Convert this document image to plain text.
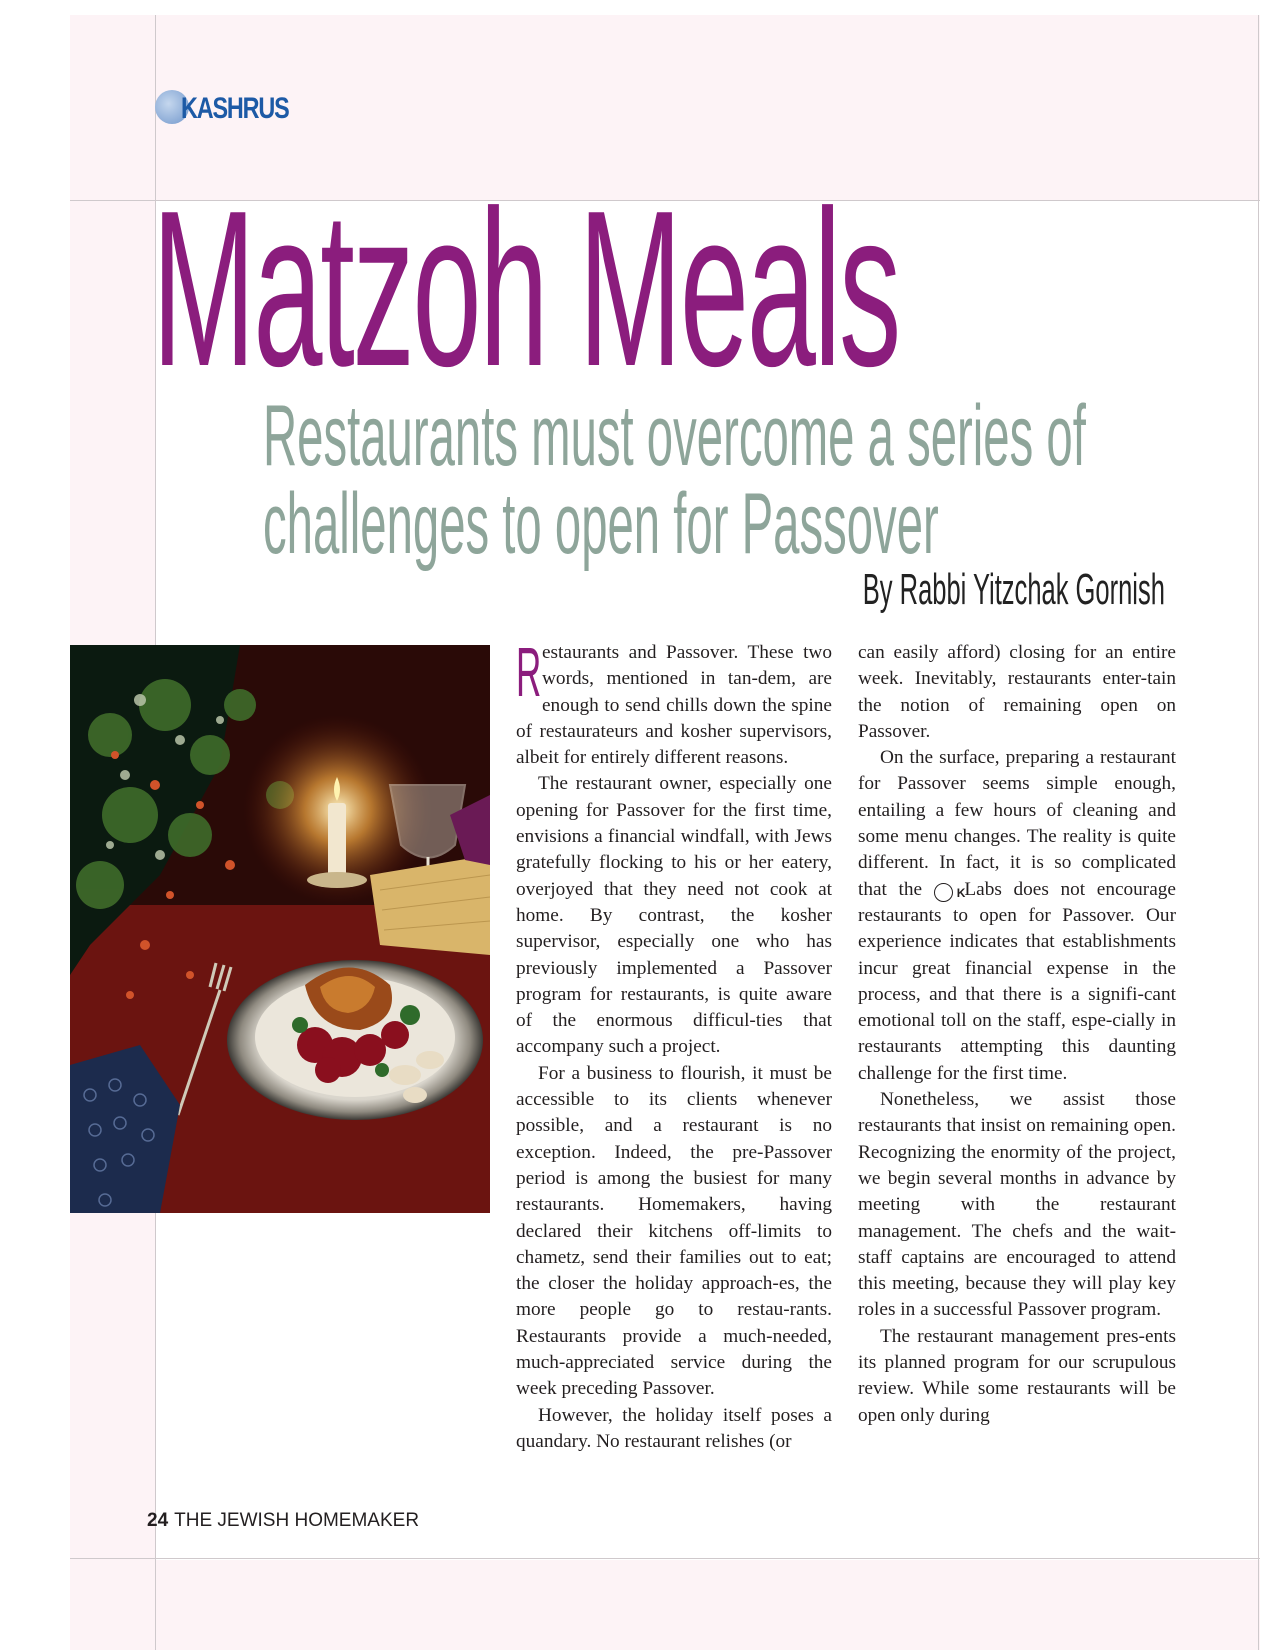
KASHRUS
Matzoh Meals
Restaurants must overcome a series of
challenges to open for Passover
By Rabbi Yitzchak Gornish

Restaurants and Passover. These two words, mentioned in tan-dem, are enough to send chills down the spine of restaurateurs and kosher supervisors, albeit for entirely different reasons.

The restaurant owner, especially one opening for Passover for the first time, envisions a financial windfall, with Jews gratefully flocking to his or her eatery, overjoyed that they need not cook at home. By contrast, the kosher supervisor, especially one who has previously implemented a Passover program for restaurants, is quite aware of the enormous difficul-ties that accompany such a project.

For a business to flourish, it must be accessible to its clients whenever possible, and a restaurant is no exception. Indeed, the pre-Passover period is among the busiest for many restaurants. Homemakers, having declared their kitchens off-limits to chametz, send their families out to eat; the closer the holiday approach-es, the more people go to restau-rants. Restaurants provide a much-needed, much-appreciated service during the week preceding Passover.

However, the holiday itself poses a quandary. No restaurant relishes (or

can easily afford) closing for an entire week. Inevitably, restaurants enter-tain the notion of remaining open on Passover.

On the surface, preparing a restaurant for Passover seems simple enough, entailing a few hours of cleaning and some menu changes. The reality is quite different. In fact, it is so complicated that the	K Labs does not encourage restaurants to open for Passover. Our experience indicates that establishments incur great financial expense in the process, and that there is a signifi-cant emotional toll on the staff, espe-cially in restaurants attempting this daunting challenge for the first time.

Nonetheless, we assist those restaurants that insist on remaining open. Recognizing the enormity of the project, we begin several months in advance by meeting with the restaurant management. The chefs and the wait-staff captains are encouraged to attend this meeting, because they will play key roles in a successful Passover program.

The restaurant management pres-ents its planned program for our scrupulous review. While some restaurants will be open only during

24 THE JEWISH HOMEMAKER
